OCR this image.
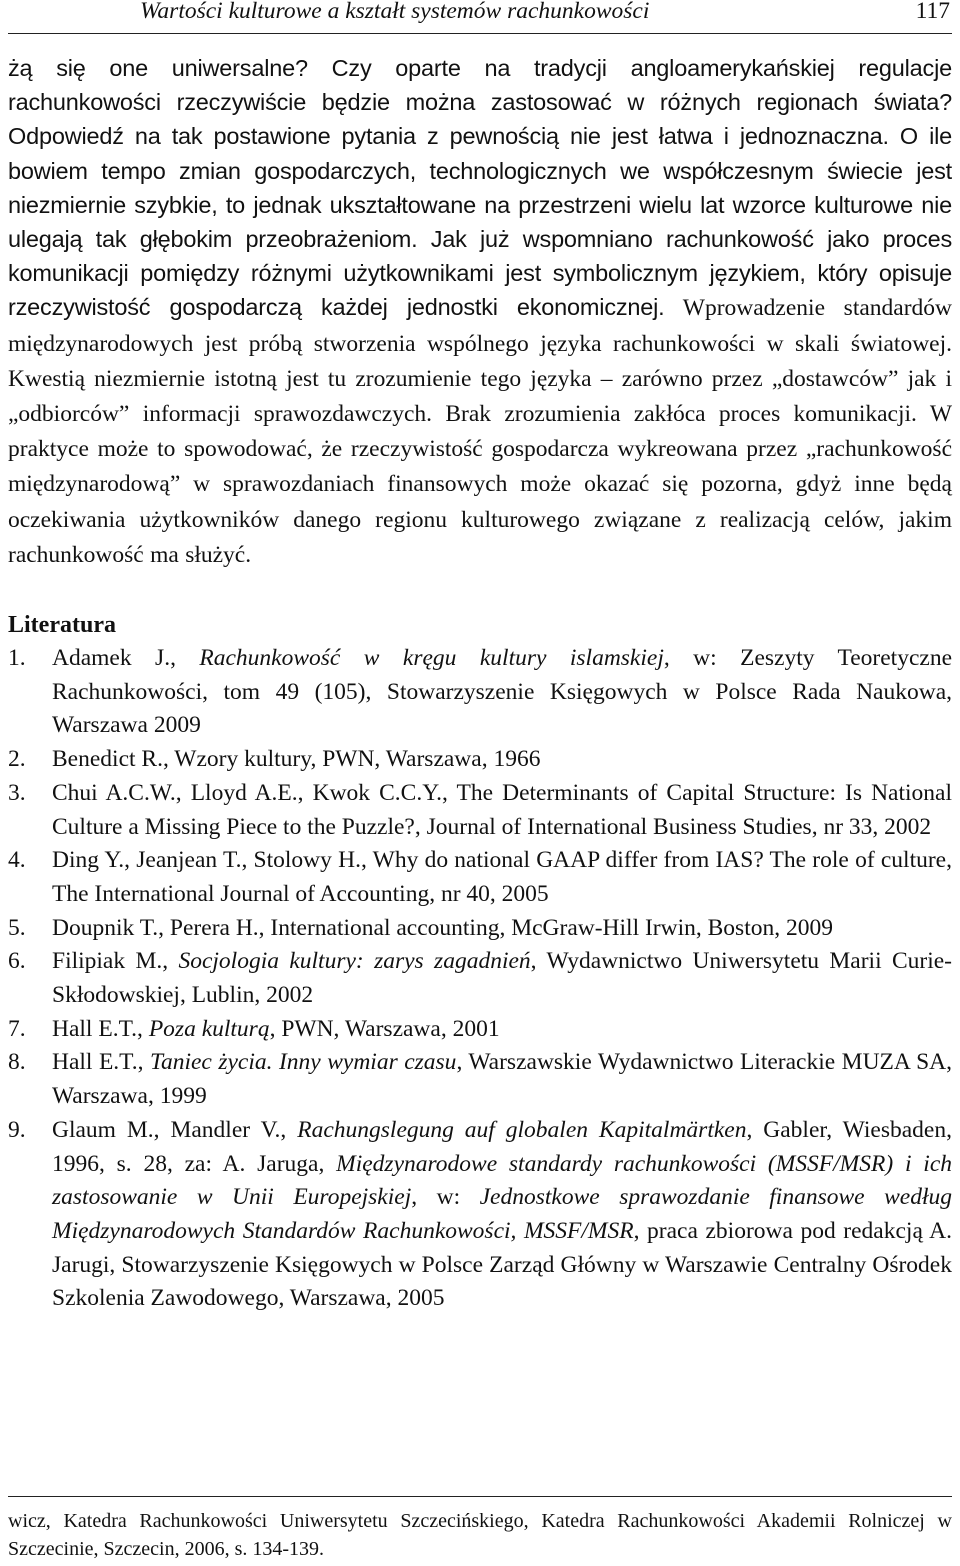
Wartości kulturowe a kształt systemów rachunkowości	117

żą się one uniwersalne? Czy oparte na tradycji angloamerykańskiej regulacje rachunkowości rzeczywiście będzie można zastosować w różnych regionach świata? Odpowiedź na tak postawione pytania z pewnością nie jest łatwa i jednoznaczna. O ile bowiem tempo zmian gospodarczych, technologicznych we współczesnym świecie jest niezmiernie szybkie, to jednak ukształtowane na przestrzeni wielu lat wzorce kulturowe nie ulegają tak głębokim przeobrażeniom. Jak już wspomniano rachunkowość jako proces komunikacji pomiędzy różnymi użytkownikami jest symbolicznym językiem, który opisuje rzeczywistość gospodarczą każdej jednostki ekonomicznej. Wprowadzenie standardów międzynarodowych jest próbą stworzenia wspólnego języka rachunkowości w skali światowej. Kwestią niezmiernie istotną jest tu zrozumienie tego języka – zarówno przez „dostawców” jak i „odbiorców” informacji sprawozdawczych. Brak zrozumienia zakłóca proces komunikacji. W praktyce może to spowodować, że rzeczywistość gospodarcza wykreowana przez „rachunkowość międzynarodową” w sprawozdaniach finansowych może okazać się pozorna, gdyż inne będą oczekiwania użytkowników danego regionu kulturowego związane z realizacją celów, jakim rachunkowość ma służyć.

Literatura
1. Adamek J., Rachunkowość w kręgu kultury islamskiej, w: Zeszyty Teoretyczne Rachunkowości, tom 49 (105), Stowarzyszenie Księgowych w Polsce Rada Naukowa, Warszawa 2009
2. Benedict R., Wzory kultury, PWN, Warszawa, 1966
3. Chui A.C.W., Lloyd A.E., Kwok C.C.Y., The Determinants of Capital Structure: Is National Culture a Missing Piece to the Puzzle?, Journal of International Business Studies, nr 33, 2002
4. Ding Y., Jeanjean T., Stolowy H., Why do national GAAP differ from IAS? The role of culture, The International Journal of Accounting, nr 40, 2005
5. Doupnik T., Perera H., International accounting, McGraw-Hill Irwin, Boston, 2009
6. Filipiak M., Socjologia kultury: zarys zagadnień, Wydawnictwo Uniwersytetu Marii Curie-Skłodowskiej, Lublin, 2002
7. Hall E.T., Poza kulturą, PWN, Warszawa, 2001
8. Hall E.T., Taniec życia. Inny wymiar czasu, Warszawskie Wydawnictwo Literackie MUZA SA, Warszawa, 1999
9. Glaum M., Mandler V., Rachungslegung auf globalen Kapitalmärtken, Gabler, Wiesbaden, 1996, s. 28, za: A. Jaruga, Międzynarodowe standardy rachunkowości (MSSF/MSR) i ich zastosowanie w Unii Europejskiej, w: Jednostkowe sprawozdanie finansowe według Międzynarodowych Standardów Rachunkowości, MSSF/MSR, praca zbiorowa pod redakcją A. Jarugi, Stowarzyszenie Księgowych w Polsce Zarząd Główny w Warszawie Centralny Ośrodek Szkolenia Zawodowego, Warszawa, 2005
wicz, Katedra Rachunkowości Uniwersytetu Szczecińskiego, Katedra Rachunkowości Akademii Rolniczej w Szczecinie, Szczecin, 2006, s. 134-139.
